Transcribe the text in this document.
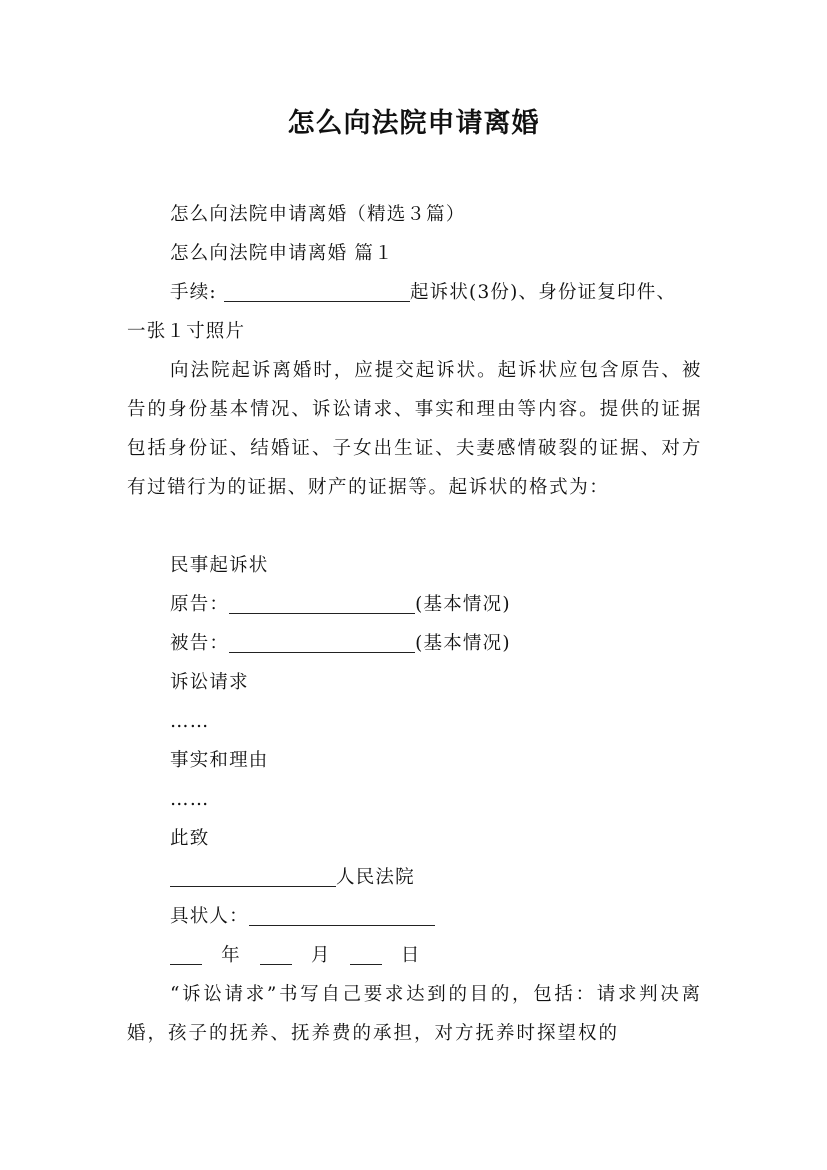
怎么向法院申请离婚
怎么向法院申请离婚（精选３篇）
怎么向法院申请离婚 篇１
手续:	起诉状(3份)、身份证复印件、
一张１寸照片
向法院起诉离婚时，应提交起诉状。起诉状应包含原告、被告的身份基本情况、诉讼请求、事实和理由等内容。提供的证据包括身份证、结婚证、子女出生证、夫妻感情破裂的证据、对方有过错行为的证据、财产的证据等。起诉状的格式为：
民事起诉状
原告：	(基本情况)
被告：	(基本情况)
诉讼请求
……
事实和理由
……
此致
人民法院
具状人：
年	月	日
“诉讼请求”书写自己要求达到的目的，包括：请求判决离婚，孩子的抚养、抚养费的承担，对方抚养时探望权的
